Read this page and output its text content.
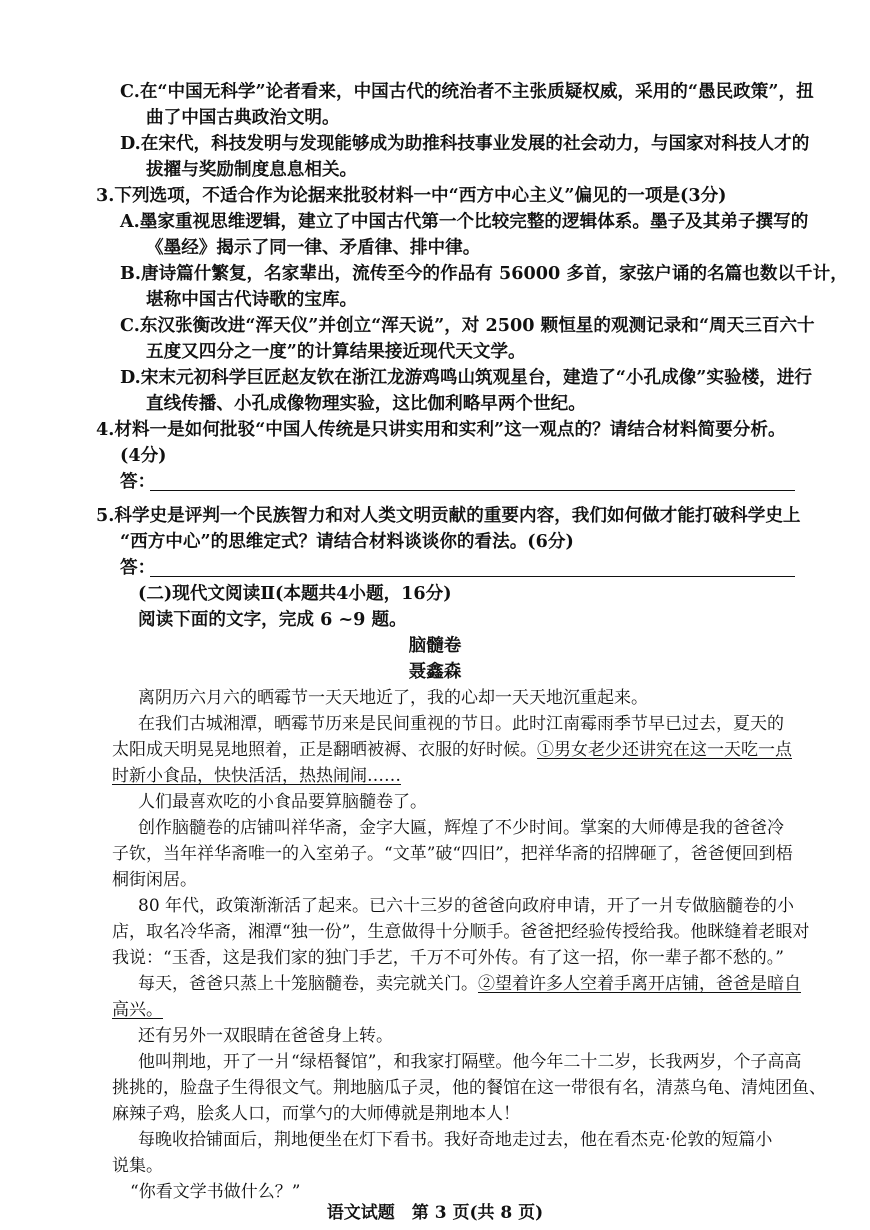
C.在“中国无科学”论者看来，中国古代的统治者不主张质疑权威，采用的“愚民政策”，扭
曲了中国古典政治文明。
D.在宋代，科技发明与发现能够成为助推科技事业发展的社会动力，与国家对科技人才的
拔擢与奖励制度息息相关。
3.下列选项，不适合作为论据来批驳材料一中“西方中心主义”偏见的一项是(3分)
A.墨家重视思维逻辑，建立了中国古代第一个比较完整的逻辑体系。墨子及其弟子撰写的
《墨经》揭示了同一律、矛盾律、排中律。
B.唐诗篇什繁复，名家辈出，流传至今的作品有 56000 多首，家弦户诵的名篇也数以千计，
堪称中国古代诗歌的宝库。
C.东汉张衡改进“浑天仪”并创立“浑天说”，对 2500 颗恒星的观测记录和“周天三百六十
五度又四分之一度”的计算结果接近现代天文学。
D.宋末元初科学巨匠赵友钦在浙江龙游鸡鸣山筑观星台，建造了“小孔成像”实验楼，进行
直线传播、小孔成像物理实验，这比伽利略早两个世纪。
4.材料一是如何批驳“中国人传统是只讲实用和实利”这一观点的？请结合材料简要分析。
(4分)
答：
5.科学史是评判一个民族智力和对人类文明贡献的重要内容，我们如何做才能打破科学史上
“西方中心”的思维定式？请结合材料谈谈你的看法。(6分)
答：
(二)现代文阅读Ⅱ(本题共4小题，16分)
阅读下面的文字，完成 6 ~9 题。
脑髓卷
聂鑫森
离阴历六月六的晒霉节一天天地近了，我的心却一天天地沉重起来。
在我们古城湘潭，晒霉节历来是民间重视的节日。此时江南霉雨季节早已过去，夏天的
太阳成天明晃晃地照着，正是翻晒被褥、衣服的好时候。①男女老少还讲究在这一天吃一点
时新小食品，快快活活，热热闹闹……
人们最喜欢吃的小食品要算脑髓卷了。
创作脑髓卷的店铺叫祥华斋，金字大匾，辉煌了不少时间。掌案的大师傅是我的爸爸冷
子钦，当年祥华斋唯一的入室弟子。“文革”破“四旧”，把祥华斋的招牌砸了，爸爸便回到梧
桐街闲居。
80 年代，政策渐渐活了起来。已六十三岁的爸爸向政府申请，开了一爿专做脑髓卷的小
店，取名冷华斋，湘潭“独一份”，生意做得十分顺手。爸爸把经验传授给我。他眯缝着老眼对
我说：“玉香，这是我们家的独门手艺，千万不可外传。有了这一招，你一辈子都不愁的。”
每天，爸爸只蒸上十笼脑髓卷，卖完就关门。②望着许多人空着手离开店铺，爸爸是暗自
高兴。
还有另外一双眼睛在爸爸身上转。
他叫荆地，开了一爿“绿梧餐馆”，和我家打隔壁。他今年二十二岁，长我两岁，个子高高
挑挑的，脸盘子生得很文气。荆地脑瓜子灵，他的餐馆在这一带很有名，清蒸乌龟、清炖团鱼、
麻辣子鸡，脍炙人口，而掌勺的大师傅就是荆地本人！
每晚收拾铺面后，荆地便坐在灯下看书。我好奇地走过去，他在看杰克·伦敦的短篇小
说集。
“你看文学书做什么？”
语文试题　第 3 页(共 8 页)
